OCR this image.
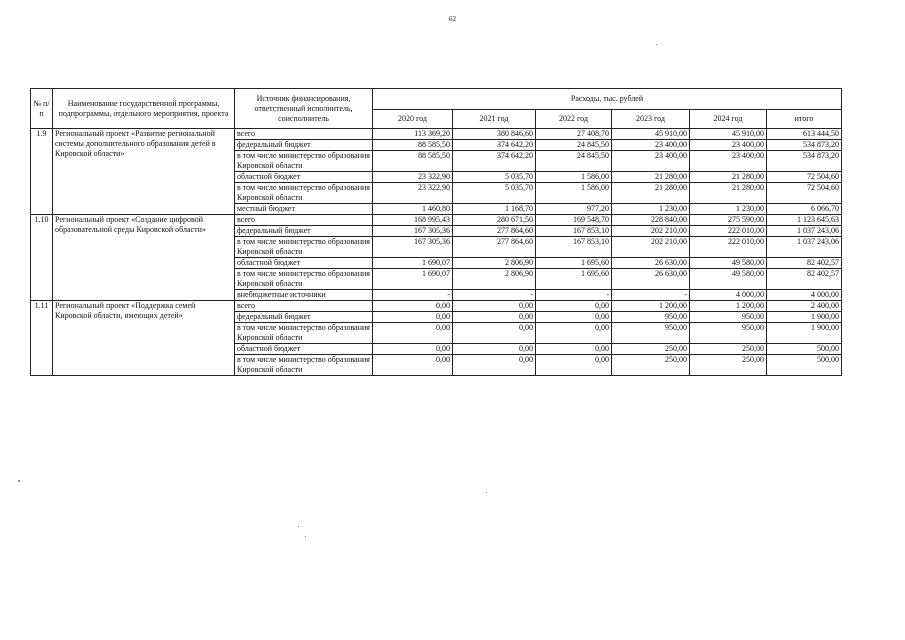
62
№ п/п	Наименование государственной программы, подпрограммы, отдельного мероприятия, проекта	Источник финансирования, ответственный исполнитель, соисполнитель	Расходы, тыс. рублей					
			2020 год	2021 год	2022 год	2023 год	2024 год	итого
1.9	Региональный проект «Развитие региональной системы дополнительного образования детей в Кировской области»	всего	113 369,20	380 846,60	27 408,70	45 910,00	45 910,00	613 444,50
		федеральный бюджет	88 585,50	374 642,20	24 845,50	23 400,00	23 400,00	534 873,20
		в том числе министерство образования Кировской области	88 585,50	374 642,20	24 845,50	23 400,00	23 400,00	534 873,20
		областной бюджет	23 322,90	5 035,70	1 586,00	21 280,00	21 280,00	72 504,60
		в том числе министерство образования Кировской области	23 322,90	5 035,70	1 586,00	21 280,00	21 280,00	72 504,60
		местный бюджет	1 460,80	1 168,70	977,20	1 230,00	1 230,00	6 066,70
1.10	Региональный проект «Создание цифровой образовательной среды Кировской области»	всего	168 995,43	280 671,50	169 548,70	228 840,00	275 590,00	1 123 645,63
		федеральный бюджет	167 305,36	277 864,60	167 853,10	202 210,00	222 010,00	1 037 243,06
		в том числе министерство образования Кировской области	167 305,36	277 864,60	167 853,10	202 210,00	222 010,00	1 037 243,06
		областной бюджет	1 690,07	2 806,90	1 695,60	26 630,00	49 580,00	82 402,57
		в том числе министерство образования Кировской области	1 690,07	2 806,90	1 695,60	26 630,00	49 580,00	82 402,57
		внебюджетные источники	-	-	-	-	4 000,00	4 000,00
1.11	Региональный проект «Поддержка семей Кировской области, имеющих детей»	всего	0,00	0,00	0,00	1 200,00	1 200,00	2 400,00
		федеральный бюджет	0,00	0,00	0,00	950,00	950,00	1 900,00
		в том числе министерство образования Кировской области	0,00	0,00	0,00	950,00	950,00	1 900,00
		областной бюджет	0,00	0,00	0,00	250,00	250,00	500,00
		в том числе министерство образования Кировской области	0,00	0,00	0,00	250,00	250,00	500,00
